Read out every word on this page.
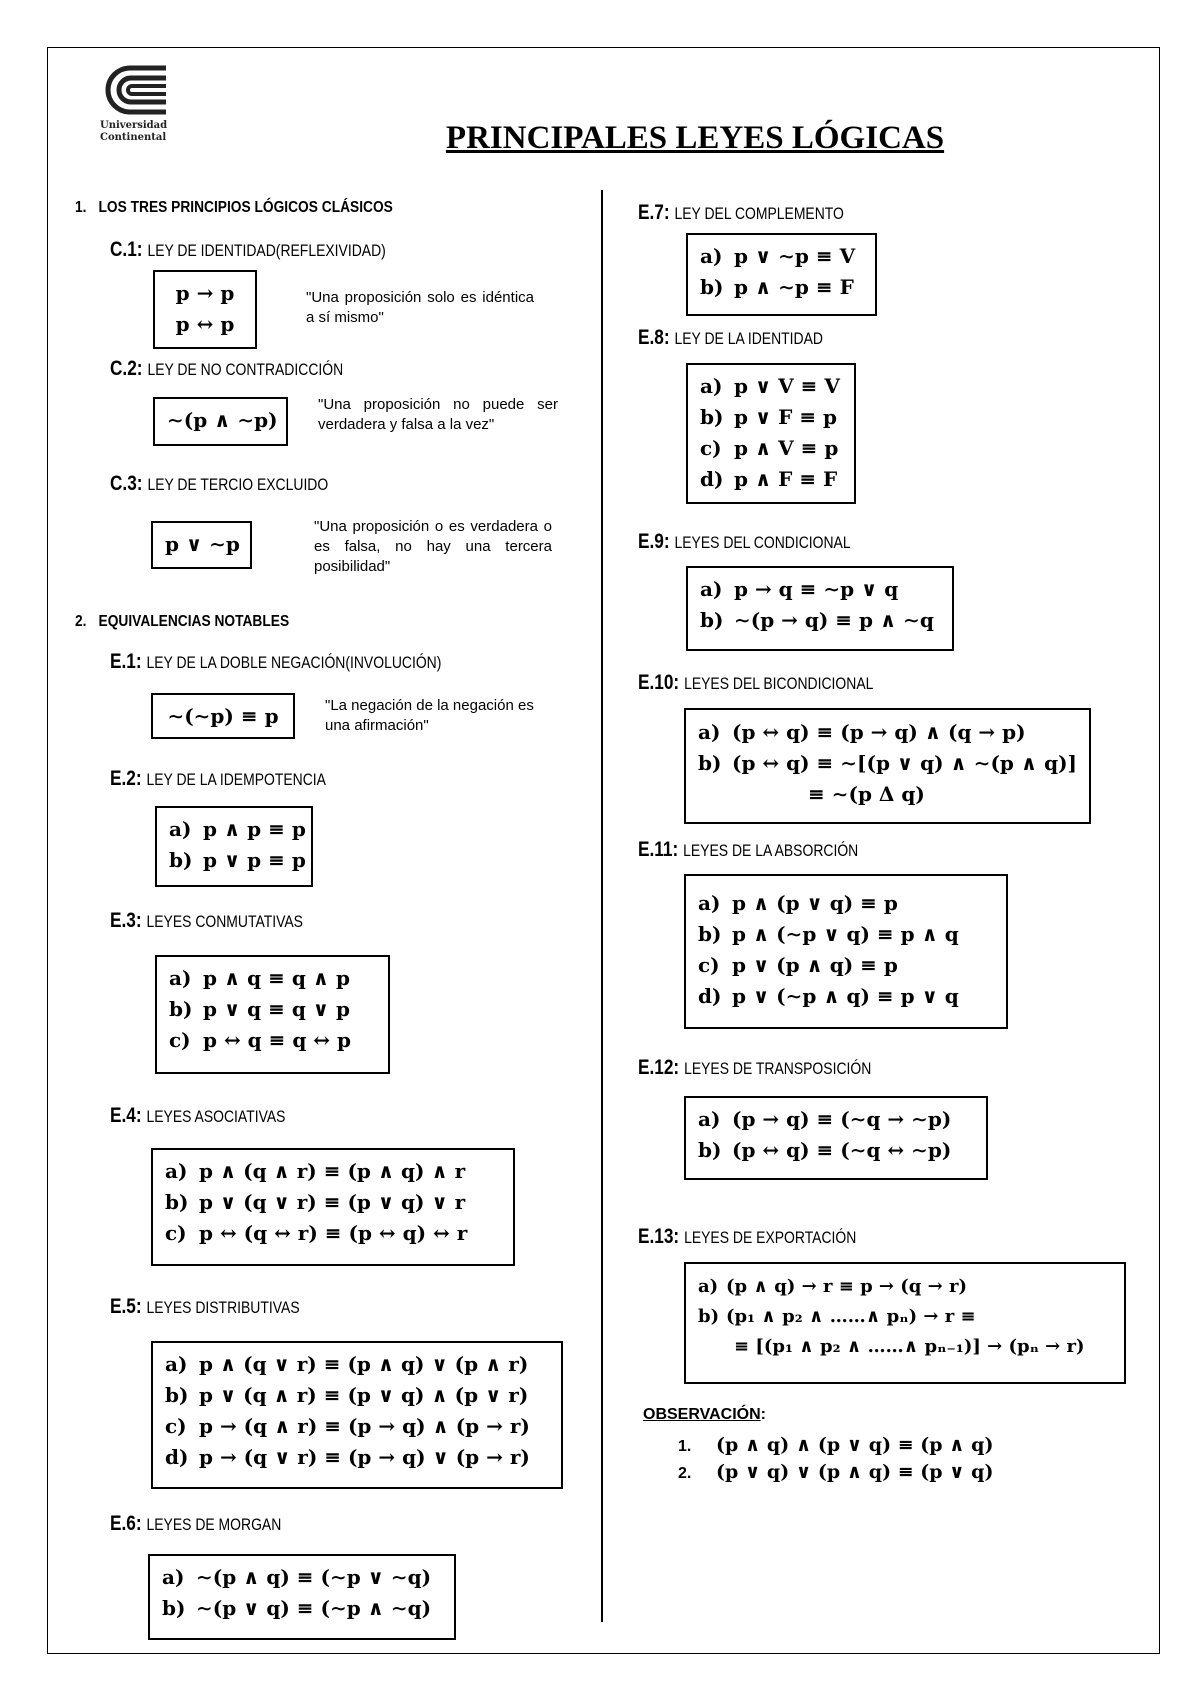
Universidad
Continental	PRINCIPALES LEYES LÓGICAS
1. LOS TRES PRINCIPIOS LÓGICOS CLÁSICOS
C.1: LEY DE IDENTIDAD(REFLEXIVIDAD)
p → p
p ↔ p
"Una proposición solo es idéntica a sí mismo"
C.2: LEY DE NO CONTRADICCIÓN
∼(p ∧ ∼p)
"Una proposición no puede ser verdadera y falsa a la vez"
C.3: LEY DE TERCIO EXCLUIDO
p ∨ ∼p
"Una proposición o es verdadera o es falsa, no hay una tercera posibilidad"
2. EQUIVALENCIAS NOTABLES
E.1: LEY DE LA DOBLE NEGACIÓN(INVOLUCIÓN)
∼(∼p) ≡ p	"La negación de la negación es una afirmación"
E.2: LEY DE LA IDEMPOTENCIA
a) p ∧ p ≡ p
b) p ∨ p ≡ p
E.3: LEYES CONMUTATIVAS
a) p ∧ q ≡ q ∧ p
b) p ∨ q ≡ q ∨ p
c) p ↔ q ≡ q ↔ p
E.4: LEYES ASOCIATIVAS
a) p ∧ (q ∧ r) ≡ (p ∧ q) ∧ r
b) p ∨ (q ∨ r) ≡ (p ∨ q) ∨ r
c) p ↔ (q ↔ r) ≡ (p ↔ q) ↔ r
E.5: LEYES DISTRIBUTIVAS
a) p ∧ (q ∨ r) ≡ (p ∧ q) ∨ (p ∧ r)
b) p ∨ (q ∧ r) ≡ (p ∨ q) ∧ (p ∨ r)
c) p → (q ∧ r) ≡ (p → q) ∧ (p → r)
d) p → (q ∨ r) ≡ (p → q) ∨ (p → r)
E.6: LEYES DE MORGAN
a) ∼(p ∧ q) ≡ (∼p ∨ ∼q)
b) ∼(p ∨ q) ≡ (∼p ∧ ∼q)
E.7: LEY DEL COMPLEMENTO
a) p ∨ ∼p ≡ V
b) p ∧ ∼p ≡ F
E.8: LEY DE LA IDENTIDAD
a) p ∨ V ≡ V
b) p ∨ F ≡ p
c) p ∧ V ≡ p
d) p ∧ F ≡ F
E.9: LEYES DEL CONDICIONAL
a) p → q ≡ ∼p ∨ q
b) ∼(p → q) ≡ p ∧ ∼q
E.10: LEYES DEL BICONDICIONAL
a) (p ↔ q) ≡ (p → q) ∧ (q → p)
b) (p ↔ q) ≡ ∼[(p ∨ q) ∧ ∼(p ∧ q)]
≡ ∼(p Δ q)
E.11: LEYES DE LA ABSORCIÓN
a) p ∧ (p ∨ q) ≡ p
b) p ∧ (∼p ∨ q) ≡ p ∧ q
c) p ∨ (p ∧ q) ≡ p
d) p ∨ (∼p ∧ q) ≡ p ∨ q
E.12: LEYES DE TRANSPOSICIÓN
a) (p → q) ≡ (∼q → ∼p)
b) (p ↔ q) ≡ (∼q ↔ ∼p)
E.13: LEYES DE EXPORTACIÓN
a) (p ∧ q) → r ≡ p → (q → r)
b) (p₁ ∧ p₂ ∧ ……∧ pₙ) → r ≡
≡ [(p₁ ∧ p₂ ∧ ……∧ pₙ₋₁)] → (pₙ → r)
OBSERVACIÓN:
1. (p ∧ q) ∧ (p ∨ q) ≡ (p ∧ q)
2. (p ∨ q) ∨ (p ∧ q) ≡ (p ∨ q)
